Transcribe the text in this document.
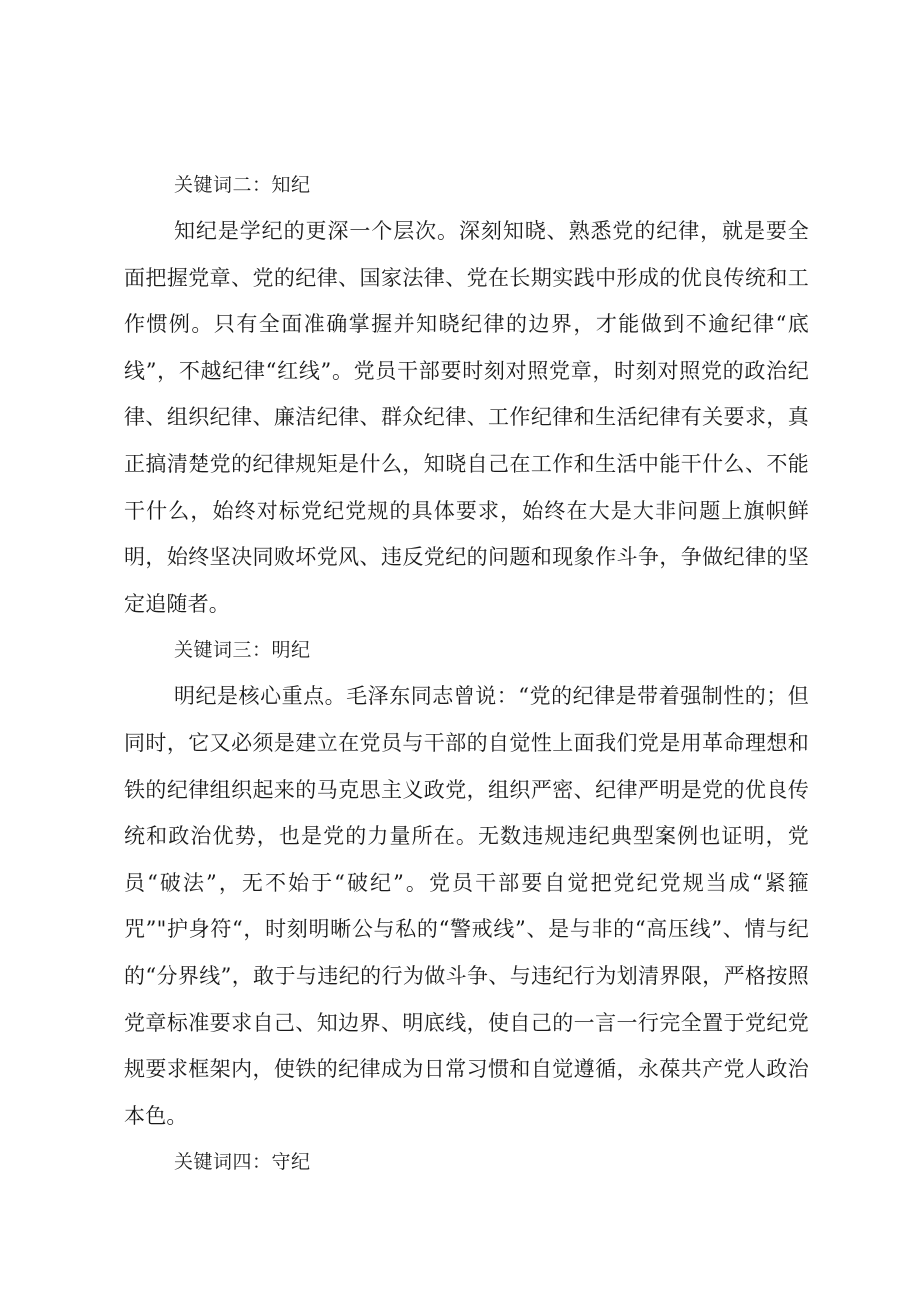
关键词二：知纪

知纪是学纪的更深一个层次。深刻知晓、熟悉党的纪律，就是要全面把握党章、党的纪律、国家法律、党在长期实践中形成的优良传统和工作惯例。只有全面准确掌握并知晓纪律的边界，才能做到不逾纪律“底线”，不越纪律“红线”。党员干部要时刻对照党章，时刻对照党的政治纪律、组织纪律、廉洁纪律、群众纪律、工作纪律和生活纪律有关要求，真正搞清楚党的纪律规矩是什么，知晓自己在工作和生活中能干什么、不能干什么，始终对标党纪党规的具体要求，始终在大是大非问题上旗帜鲜明，始终坚决同败坏党风、违反党纪的问题和现象作斗争，争做纪律的坚定追随者。

关键词三：明纪

明纪是核心重点。毛泽东同志曾说：“党的纪律是带着强制性的；但同时，它又必须是建立在党员与干部的自觉性上面我们党是用革命理想和铁的纪律组织起来的马克思主义政党，组织严密、纪律严明是党的优良传统和政治优势，也是党的力量所在。无数违规违纪典型案例也证明，党员“破法”，无不始于“破纪”。党员干部要自觉把党纪党规当成“紧箍咒”"护身符“，时刻明晰公与私的“警戒线”、是与非的“高压线”、情与纪的“分界线”，敢于与违纪的行为做斗争、与违纪行为划清界限，严格按照党章标准要求自己、知边界、明底线，使自己的一言一行完全置于党纪党规要求框架内，使铁的纪律成为日常习惯和自觉遵循，永葆共产党人政治本色。

关键词四：守纪
